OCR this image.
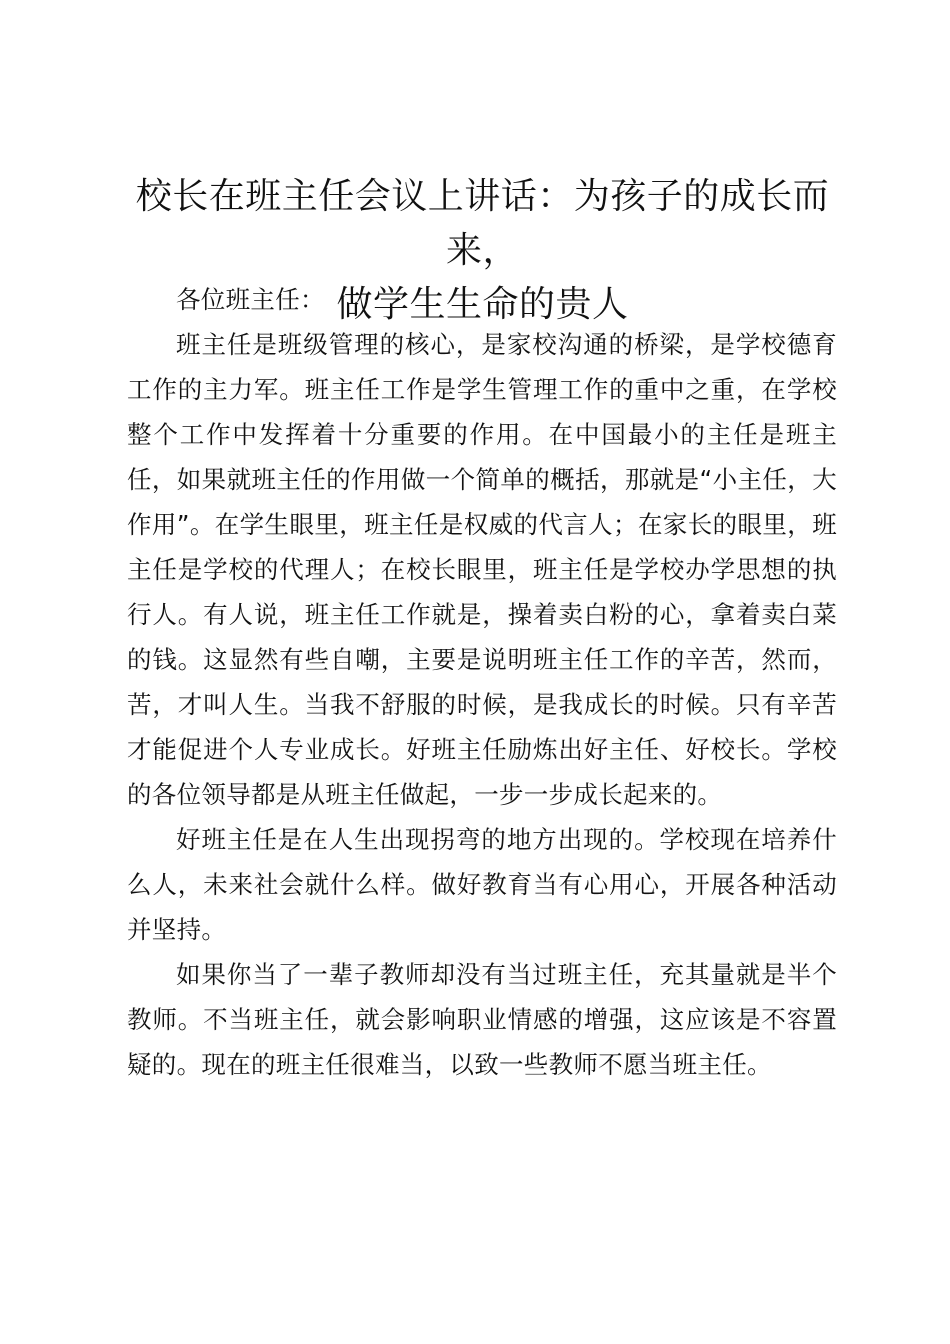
校长在班主任会议上讲话：为孩子的成长而来，
做学生生命的贵人

各位班主任：

班主任是班级管理的核心，是家校沟通的桥梁，是学校德育工作的主力军。班主任工作是学生管理工作的重中之重，在学校整个工作中发挥着十分重要的作用。在中国最小的主任是班主任，如果就班主任的作用做一个简单的概括，那就是“小主任，大作用”。在学生眼里，班主任是权威的代言人；在家长的眼里，班主任是学校的代理人；在校长眼里，班主任是学校办学思想的执行人。有人说，班主任工作就是，操着卖白粉的心，拿着卖白菜的钱。这显然有些自嘲，主要是说明班主任工作的辛苦，然而，苦，才叫人生。当我不舒服的时候，是我成长的时候。只有辛苦才能促进个人专业成长。好班主任励炼出好主任、好校长。学校的各位领导都是从班主任做起，一步一步成长起来的。

好班主任是在人生出现拐弯的地方出现的。学校现在培养什么人，未来社会就什么样。做好教育当有心用心，开展各种活动并坚持。

如果你当了一辈子教师却没有当过班主任，充其量就是半个教师。不当班主任，就会影响职业情感的增强，这应该是不容置疑的。现在的班主任很难当，以致一些教师不愿当班主任。
